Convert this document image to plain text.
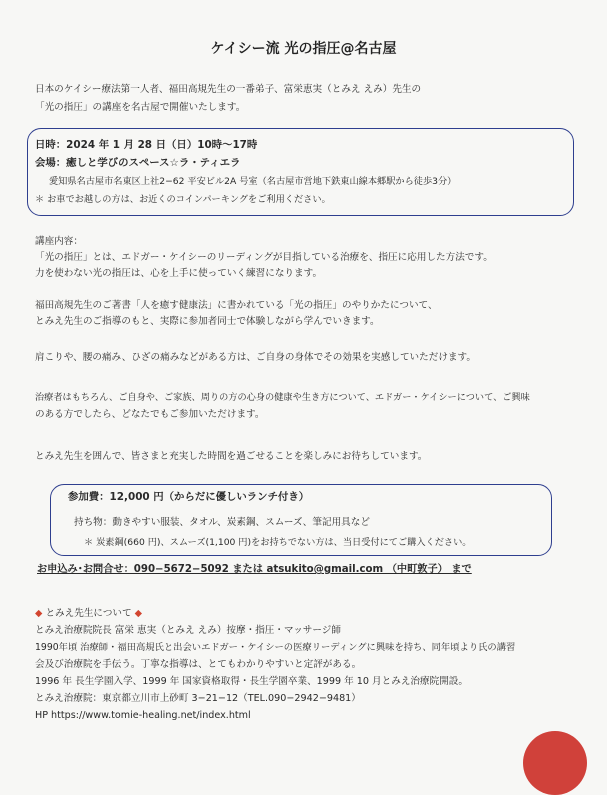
ケイシー流 光の指圧@名古屋
日本のケイシー療法第一人者、福田高規先生の一番弟子、富栄恵実（とみえ えみ）先生の
「光の指圧」の講座を名古屋で開催いたします。
日時：2024 年 1 月 28 日（日）10時〜17時
会場：癒しと学びのスペース☆ラ・ティエラ
愛知県名古屋市名東区上社2−62 平安ビル2A 号室（名古屋市営地下鉄東山線本郷駅から徒歩3分）
＊ お車でお越しの方は、お近くのコインパーキングをご利用ください。
講座内容：
「光の指圧」とは、エドガー・ケイシーのリーディングが目指している治療を、指圧に応用した方法です。
力を使わない光の指圧は、心を上手に使っていく練習になります。
福田高規先生のご著書「人を癒す健康法」に書かれている「光の指圧」のやりかたについて、
とみえ先生のご指導のもと、実際に参加者同士で体験しながら学んでいきます。
肩こりや、腰の痛み、ひざの痛みなどがある方は、ご自身の身体でその効果を実感していただけます。
治療者はもちろん、ご自身や、ご家族、周りの方の心身の健康や生き方について、エドガー・ケイシーについて、ご興味
のある方でしたら、どなたでもご参加いただけます。
とみえ先生を囲んで、皆さまと充実した時間を過ごせることを楽しみにお待ちしています。
参加費：12,000 円（からだに優しいランチ付き）
持ち物：動きやすい服装、タオル、炭素鋼、スムーズ、筆記用具など
＊ 炭素鋼(660 円)、スムーズ(1,100 円)をお持ちでない方は、当日受付にてご購入ください。
お申込み･お問合せ：090−5672−5092 または atsukito@gmail.com （中町敦子） まで
◆ とみえ先生について ◆
とみえ治療院院長 富栄 恵実（とみえ えみ）按摩・指圧・マッサージ師
1990年頃 治療師・福田高規氏と出会いエドガー・ケイシーの医療リーディングに興味を持ち、同年頃より氏の講習
会及び治療院を手伝う。丁寧な指導は、とてもわかりやすいと定評がある。
1996 年 長生学園入学、1999 年 国家資格取得・長生学園卒業、1999 年 10 月とみえ治療院開設。
とみえ治療院：東京都立川市上砂町 3−21−12（TEL.090−2942−9481）
HP https://www.tomie-healing.net/index.html
